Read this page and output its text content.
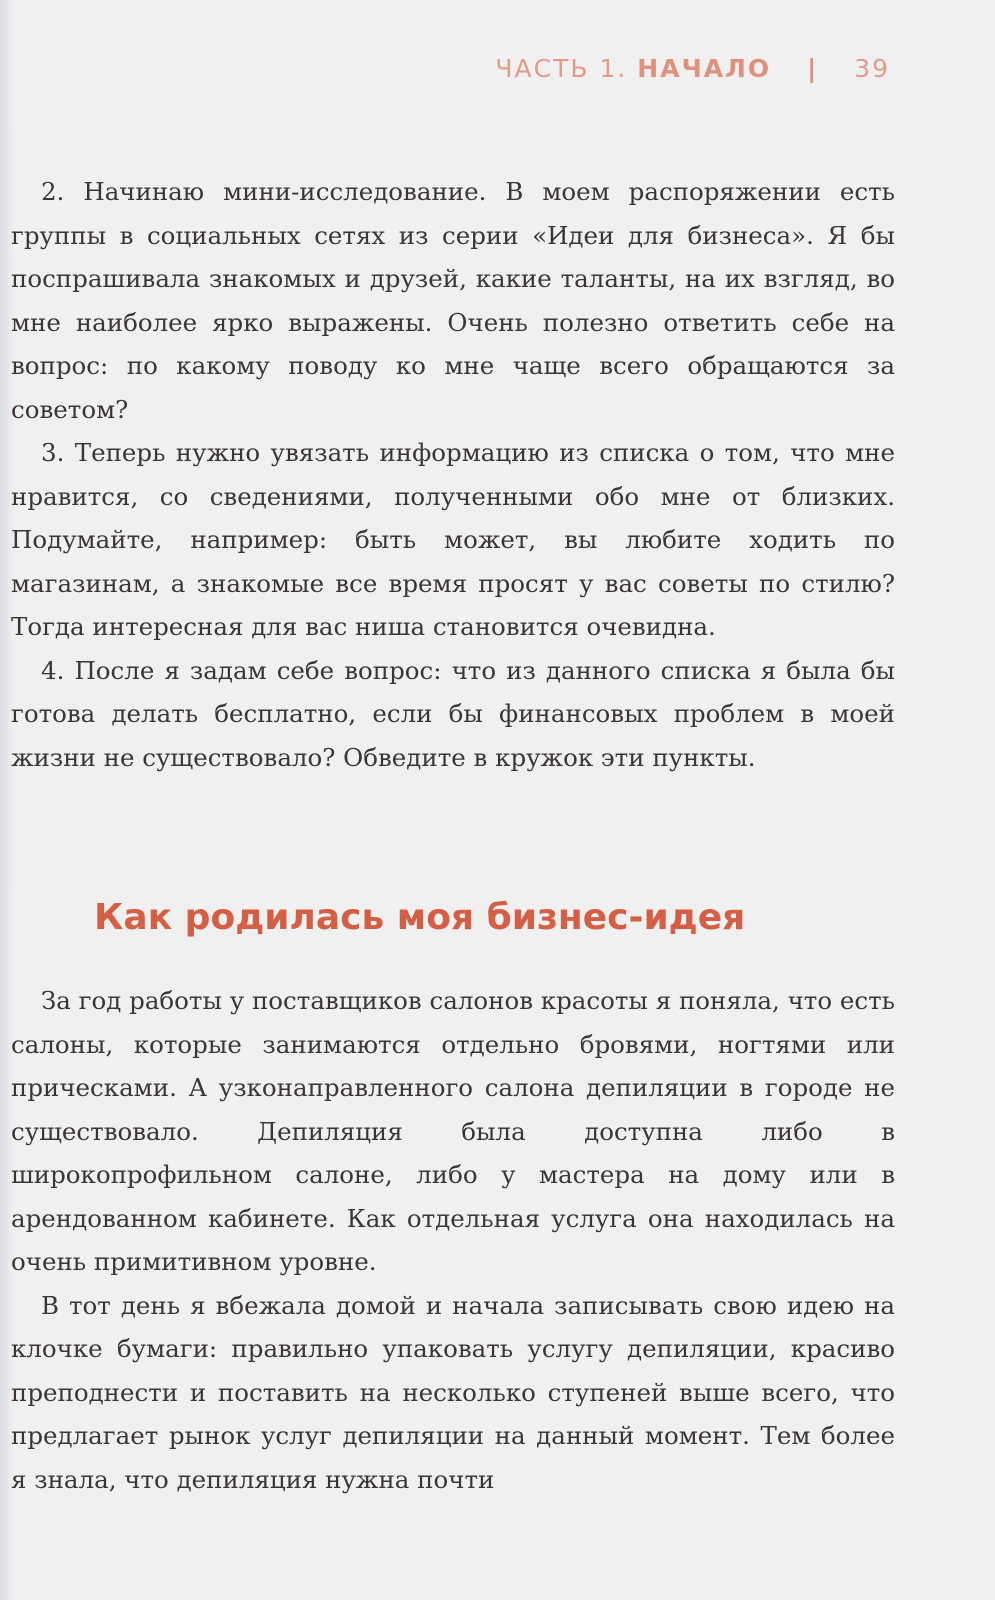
ЧАСТЬ 1. НАЧАЛО | 39

2. Начинаю мини-исследование. В моем распоряжении есть группы в социальных сетях из серии «Идеи для бизнеса». Я бы поспрашивала знакомых и друзей, какие таланты, на их взгляд, во мне наиболее ярко выражены. Очень полезно ответить себе на вопрос: по какому поводу ко мне чаще всего обращаются за советом?

3. Теперь нужно увязать информацию из списка о том, что мне нравится, со сведениями, полученными обо мне от близких. Подумайте, например: быть может, вы любите ходить по магазинам, а знакомые все время просят у вас советы по стилю? Тогда интересная для вас ниша становится очевидна.

4. После я задам себе вопрос: что из данного списка я была бы готова делать бесплатно, если бы финансовых проблем в моей жизни не существовало? Обведите в кружок эти пункты.

Как родилась моя бизнес-идея

За год работы у поставщиков салонов красоты я поняла, что есть салоны, которые занимаются отдельно бровями, ногтями или прическами. А узконаправленного салона депиляции в городе не существовало. Депиляция была доступна либо в широкопрофильном салоне, либо у мастера на дому или в арендованном кабинете. Как отдельная услуга она находилась на очень примитивном уровне.

В тот день я вбежала домой и начала записывать свою идею на клочке бумаги: правильно упаковать услугу депиляции, красиво преподнести и поставить на несколько ступеней выше всего, что предлагает рынок услуг депиляции на данный момент. Тем более я знала, что депиляция нужна почти
